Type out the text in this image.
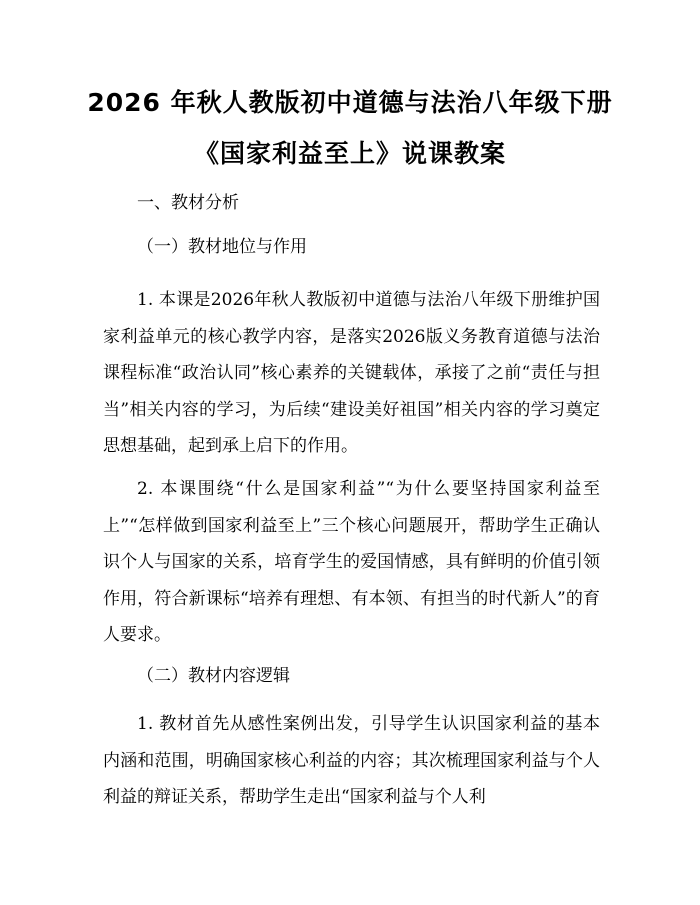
2026 年秋人教版初中道德与法治八年级下册
《国家利益至上》说课教案
一、教材分析
（一）教材地位与作用

1. 本课是2026年秋人教版初中道德与法治八年级下册维护国家利益单元的核心教学内容，是落实2026版义务教育道德与法治课程标准“政治认同”核心素养的关键载体，承接了之前“责任与担当”相关内容的学习，为后续“建设美好祖国”相关内容的学习奠定思想基础，起到承上启下的作用。

2. 本课围绕“什么是国家利益”“为什么要坚持国家利益至上”“怎样做到国家利益至上”三个核心问题展开，帮助学生正确认识个人与国家的关系，培育学生的爱国情感，具有鲜明的价值引领作用，符合新课标“培养有理想、有本领、有担当的时代新人”的育人要求。

（二）教材内容逻辑

1. 教材首先从感性案例出发，引导学生认识国家利益的基本内涵和范围，明确国家核心利益的内容；其次梳理国家利益与个人利益的辩证关系，帮助学生走出“国家利益与个人利
